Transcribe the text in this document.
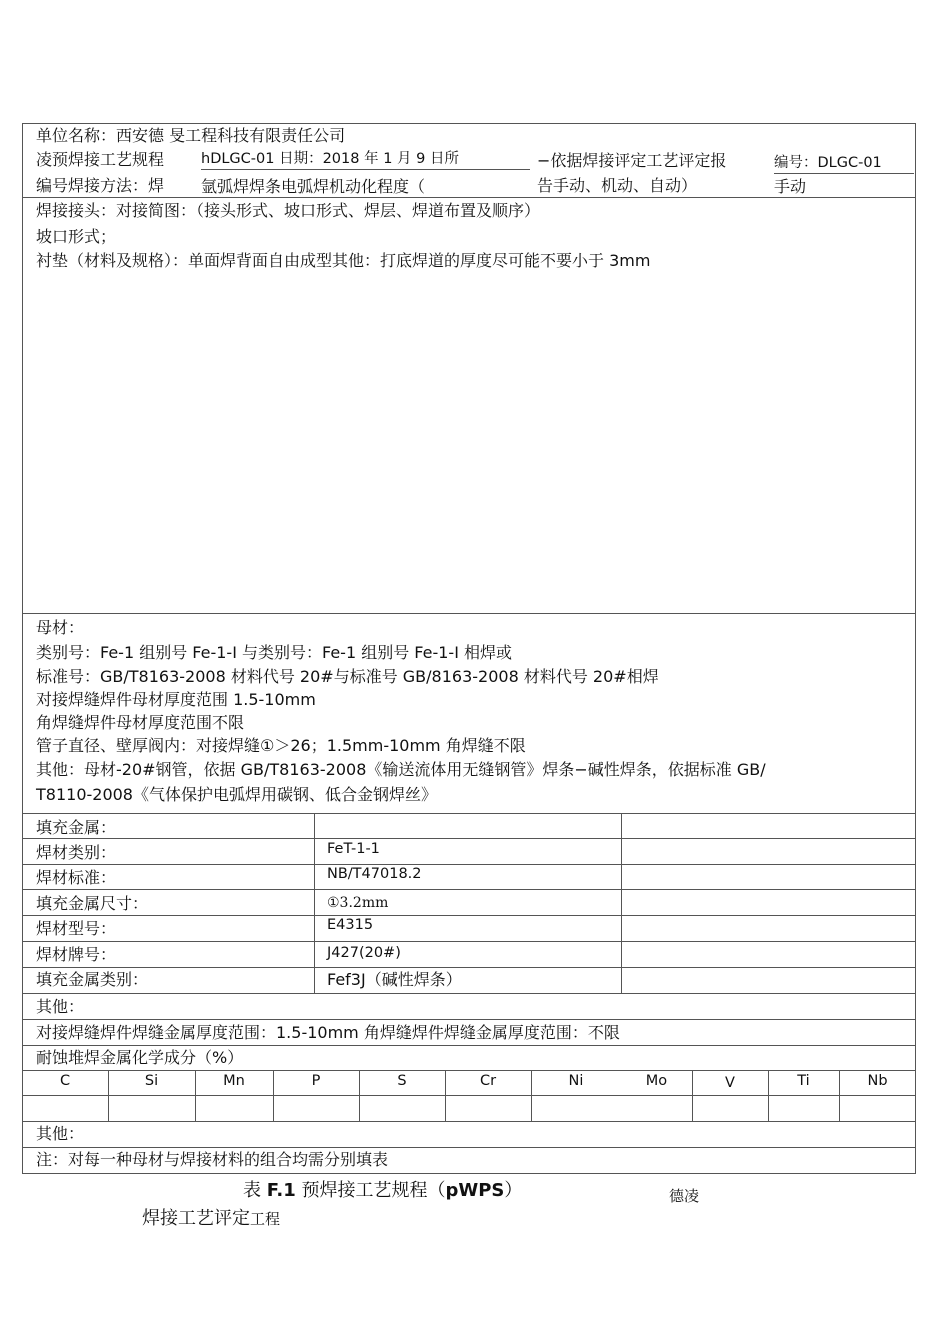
单位名称：西安德 旻工程科技有限责任公司
凌预焊接工艺规程	hDLGC-01 日期：2018 年 1 月 9 日所	−依据焊接评定工艺评定报	编号：DLGC-01
编号焊接方法：焊 氩弧焊焊条电弧焊机动化程度（	告手动、机动、自动）	手动
焊接接头：对接简图：（接头形式、坡口形式、焊层、焊道布置及顺序）
坡口形式；
衬垫（材料及规格）：单面焊背面自由成型其他：打底焊道的厚度尽可能不要小于 3mm
母材：
类别号：Fe-1 组别号 Fe-1-I 与类别号：Fe-1 组别号 Fe-1-I 相焊或
标准号：GB/T8163-2008 材料代号 20#与标准号 GB/8163-2008 材料代号 20#相焊
对接焊缝焊件母材厚度范围 1.5-10mm
角焊缝焊件母材厚度范围不限
管子直径、壁厚阀内：对接焊缝①＞26；1.5mm-10mm 角焊缝不限
其他：母材-20#钢管，依据 GB/T8163-2008《输送流体用无缝钢管》焊条−碱性焊条，依据标准 GB/
T8110-2008《气体保护电弧焊用碳钢、低合金钢焊丝》
填充金属：
焊材类别：	FeT-1-1
焊材标准：	NB/T47018.2
填充金属尺寸：	①3.2mm
焊材型号：	E4315
焊材牌号：	J427(20#)
填充金属类别：	Fef3J（碱性焊条）
其他：
对接焊缝焊件焊缝金属厚度范围：1.5-10mm 角焊缝焊件焊缝金属厚度范围：不限
耐蚀堆焊金属化学成分（%）
C	Si	Mn	P	S	Cr	Ni	Mo	V	Ti	Nb
其他：
注：对每一种母材与焊接材料的组合均需分别填表
表 F.1 预焊接工艺规程（pWPS）	德凌
焊接工艺评定工程
